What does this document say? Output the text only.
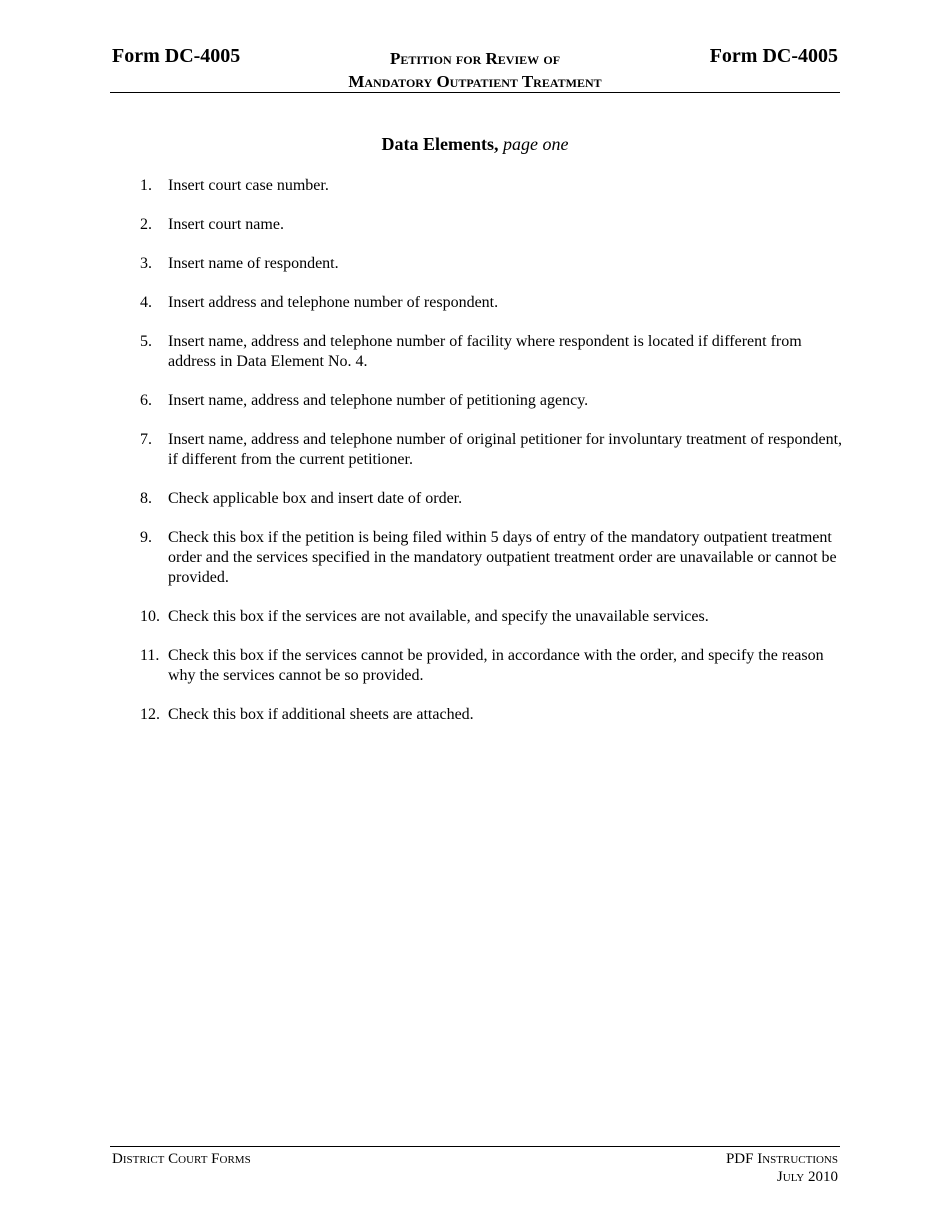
Form DC-4005	Petition for Review of
Mandatory Outpatient Treatment
Form DC-4005
Data Elements, page one
1.	Insert court case number.
2.	Insert court name.
3.	Insert name of respondent.
4.	Insert address and telephone number of respondent.
5.	Insert name, address and telephone number of facility where respondent is located if different from address in Data Element No. 4.
6.	Insert name, address and telephone number of petitioning agency.
7.	Insert name, address and telephone number of original petitioner for involuntary treatment of respondent, if different from the current petitioner.
8.	Check applicable box and insert date of order.
9.	Check this box if the petition is being filed within 5 days of entry of the mandatory outpatient treatment order and the services specified in the mandatory outpatient treatment order are unavailable or cannot be provided.
10. Check this box if the services are not available, and specify the unavailable services.
11. Check this box if the services cannot be provided, in accordance with the order, and specify the reason why the services cannot be so provided.
12. Check this box if additional sheets are attached.
District Court Forms	PDF Instructions
July 2010
